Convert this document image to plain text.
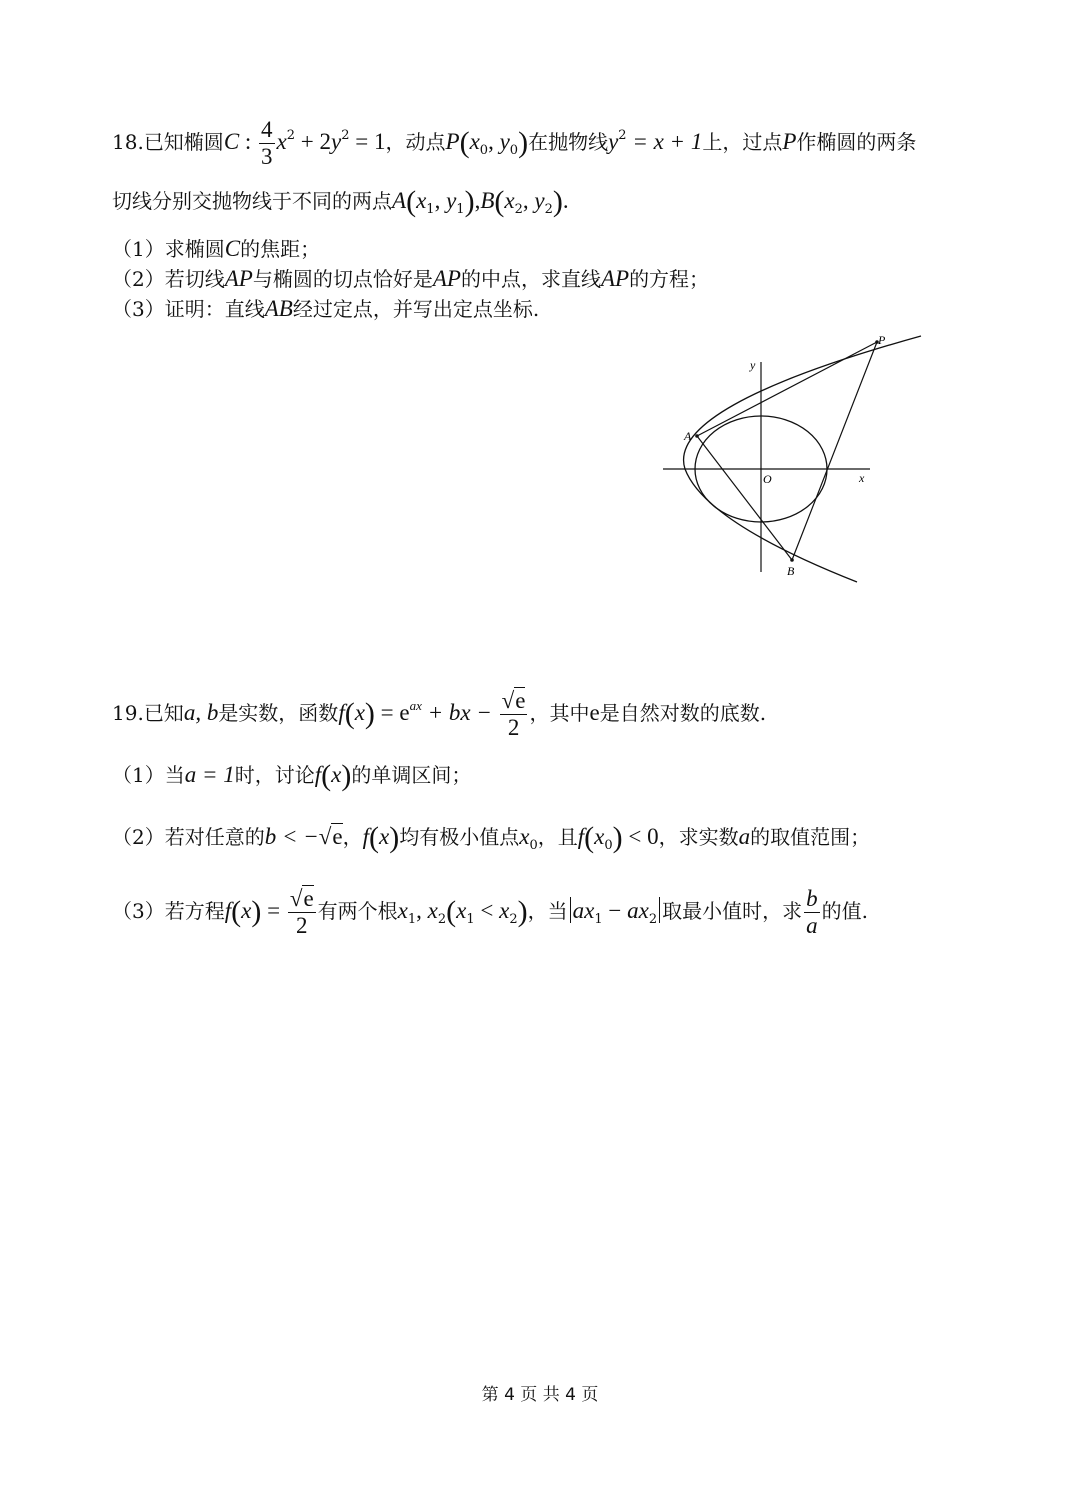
18.已知椭圆C : $\frac{4}{3} x^2 + 2y^2 = 1$，动点$P(x_0$, $y_0$)在抛物线$y^2 = x + 1$上，过点P作椭圆的两条
切线分别交抛物线于不同的两点$A(x_1$, $y_1),B(x_2$, $y_2$).
（1）求椭圆C的焦距；
（2）若切线AP与椭圆的切点恰好是AP的中点，求直线AP的方程；
（3）证明：直线AB经过定点，并写出定点坐标.
P
y
A
O	x
B
19.已知a, b是实数，函数$f(x) = e^{ax}$ + bx − $\frac{√e}{2}$ ，其中e是自然对数的底数.
（1）当a = 1时，讨论f(x)的单调区间；
（2）若对任意的b < −√e，f(x)均有极小值点$x_0$，且$f(x_0) < 0$，求实数a的取值范围；
（3）若方程$f(x) = \frac{√e}{2}$ 有两个根$x_1$, $x_2(x_1 < x_2)$，当 $ax_1 - ax_2$ 取最小值时，求 $\frac{b}{a}$ 的值.
第 4 页 共 4 页
